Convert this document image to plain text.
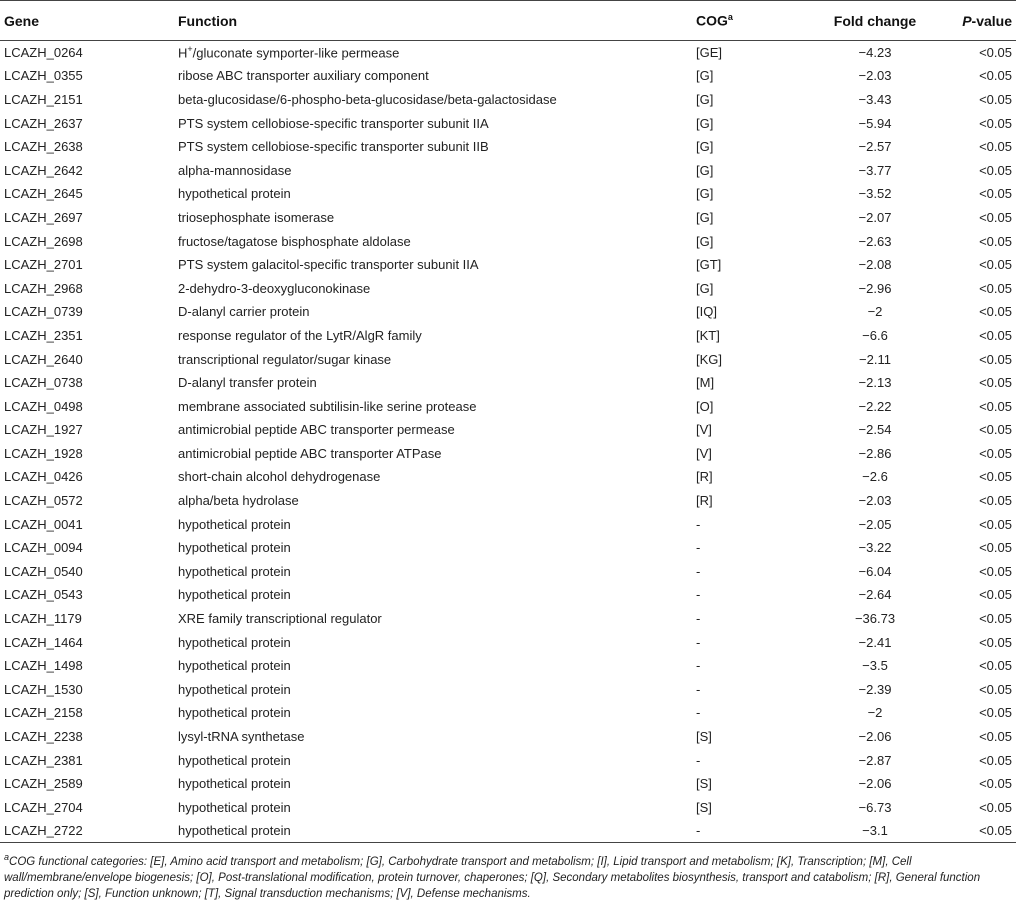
Gene	Function	COG$^a$	Fold change	P-value
LCAZH_0264	H+/gluconate symporter-like permease	[GE]	−4.23	<0.05
LCAZH_0355	ribose ABC transporter auxiliary component	[G]	−2.03	<0.05
LCAZH_2151	beta-glucosidase/6-phospho-beta-glucosidase/beta-galactosidase	[G]	−3.43	<0.05
LCAZH_2637	PTS system cellobiose-specific transporter subunit IIA	[G]	−5.94	<0.05
LCAZH_2638	PTS system cellobiose-specific transporter subunit IIB	[G]	−2.57	<0.05
LCAZH_2642	alpha-mannosidase	[G]	−3.77	<0.05
LCAZH_2645	hypothetical protein	[G]	−3.52	<0.05
LCAZH_2697	triosephosphate isomerase	[G]	−2.07	<0.05
LCAZH_2698	fructose/tagatose bisphosphate aldolase	[G]	−2.63	<0.05
LCAZH_2701	PTS system galacitol-specific transporter subunit IIA	[GT]	−2.08	<0.05
LCAZH_2968	2-dehydro-3-deoxygluconokinase	[G]	−2.96	<0.05
LCAZH_0739	D-alanyl carrier protein	[IQ]	−2	<0.05
LCAZH_2351	response regulator of the LytR/AlgR family	[KT]	−6.6	<0.05
LCAZH_2640	transcriptional regulator/sugar kinase	[KG]	−2.11	<0.05
LCAZH_0738	D-alanyl transfer protein	[M]	−2.13	<0.05
LCAZH_0498	membrane associated subtilisin-like serine protease	[O]	−2.22	<0.05
LCAZH_1927	antimicrobial peptide ABC transporter permease	[V]	−2.54	<0.05
LCAZH_1928	antimicrobial peptide ABC transporter ATPase	[V]	−2.86	<0.05
LCAZH_0426	short-chain alcohol dehydrogenase	[R]	−2.6	<0.05
LCAZH_0572	alpha/beta hydrolase	[R]	−2.03	<0.05
LCAZH_0041	hypothetical protein	-	−2.05	<0.05
LCAZH_0094	hypothetical protein	-	−3.22	<0.05
LCAZH_0540	hypothetical protein	-	−6.04	<0.05
LCAZH_0543	hypothetical protein	-	−2.64	<0.05
LCAZH_1179	XRE family transcriptional regulator	-	−36.73	<0.05
LCAZH_1464	hypothetical protein	-	−2.41	<0.05
LCAZH_1498	hypothetical protein	-	−3.5	<0.05
LCAZH_1530	hypothetical protein	-	−2.39	<0.05
LCAZH_2158	hypothetical protein	-	−2	<0.05
LCAZH_2238	lysyl-tRNA synthetase	[S]	−2.06	<0.05
LCAZH_2381	hypothetical protein	-	−2.87	<0.05
LCAZH_2589	hypothetical protein	[S]	−2.06	<0.05
LCAZH_2704	hypothetical protein	[S]	−6.73	<0.05
LCAZH_2722	hypothetical protein	-	−3.1	<0.05
$^a$COG functional categories: [E], Amino acid transport and metabolism; [G], Carbohydrate transport and metabolism; [I], Lipid transport and metabolism; [K], Transcription; [M], Cell wall/membrane/envelope biogenesis; [O], Post-translational modification, protein turnover, chaperones; [Q], Secondary metabolites biosynthesis, transport and catabolism; [R], General function prediction only; [S], Function unknown; [T], Signal transduction mechanisms; [V], Defense mechanisms.
